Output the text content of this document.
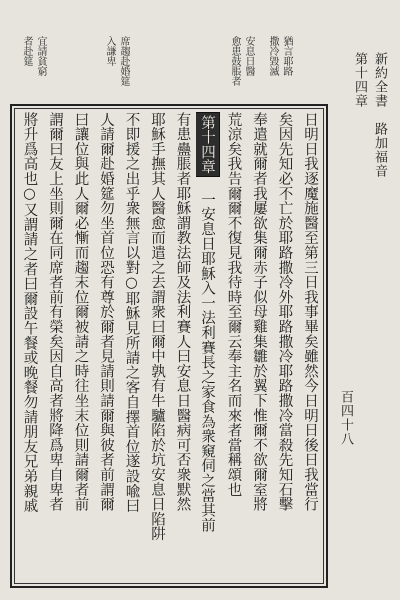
新約全書　路加福音
第十四章
百四十八
猶言耶路
撒冷毀滅
安息日醫
愈患鼓脹者
席趨赴婚筵
入謙卑
宜請貧窮
者赴筵
日明日我逐魔施醫至第三日我事畢矣雖然今日明日後日我當行
矣因先知必不亡於耶路撒冷外耶路撒冷耶路撒冷當殺先知石擊
奉遣就爾者我屢欲集爾赤子似母雞集雛於翼下惟爾不欲爾室將
荒涼矣我告爾爾不復見我待時至爾云奉主名而來者當稱頌也
第十四章　一安息日耶穌入一法利賽長之家食為衆窺伺之當其前
有患蠱脹者耶穌謂教法師及法利賽人曰安息日醫病可否衆默然
耶穌手撫其人醫愈而遣之去謂衆曰爾中孰有牛驢陷於坑安息日陷阱
不即援之出乎衆無言以對○耶穌見所請之客自擇首位遂設喩曰
人請爾赴婚筵勿坐首位恐有尊於爾者見請則請爾與彼者前謂爾
曰讓位與此人爾必慚而趨末位爾被請之時往坐末位則請爾者前
謂爾曰友上坐則爾在同席者前有榮矣因自高者將降爲卑自卑者
將升爲高也○又謂請之者曰爾設午餐或晚餐勿請朋友兄弟親戚
